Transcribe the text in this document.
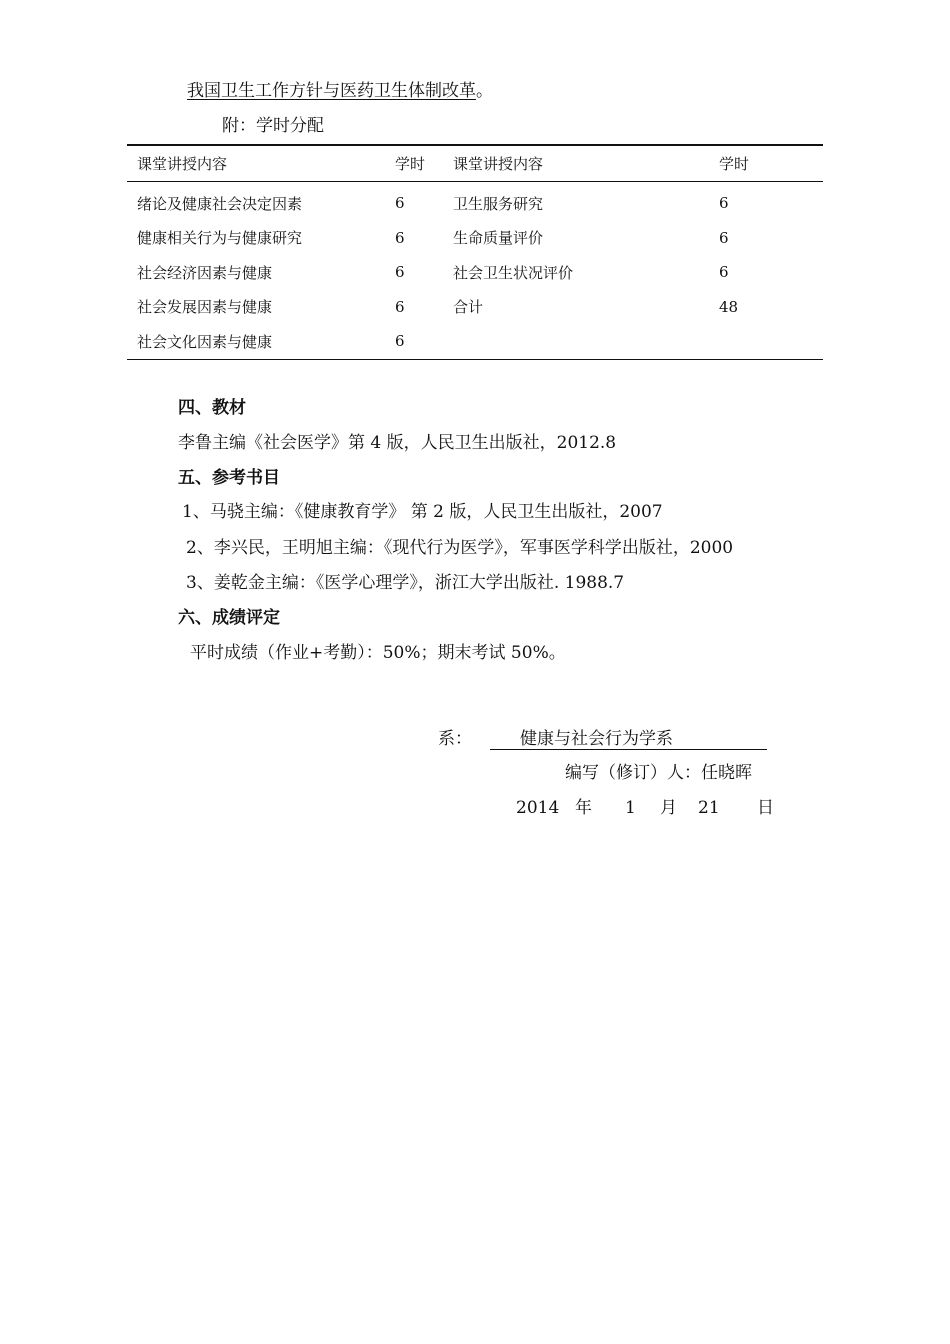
我国卫生工作方针与医药卫生体制改革。
附：学时分配
课堂讲授内容	学时	课堂讲授内容	学时
绪论及健康社会决定因素	6	卫生服务研究	6
健康相关行为与健康研究	6	生命质量评价	6
社会经济因素与健康	6	社会卫生状况评价	6
社会发展因素与健康	6	合计	48
社会文化因素与健康	6		
四、教材
李鲁主编《社会医学》第 4 版，人民卫生出版社，2012.8
五、参考书目
1、马骁主编：《健康教育学》 第 2 版，人民卫生出版社，2007
2、李兴民，王明旭主编：《现代行为医学》，军事医学科学出版社，2000
3、姜乾金主编：《医学心理学》，浙江大学出版社. 1988.7
六、成绩评定
平时成绩（作业+考勤）：50%；期末考试 50%。
系：	健康与社会行为学系
编写（修订）人：任晓晖
2014 年 1 月 21 日
